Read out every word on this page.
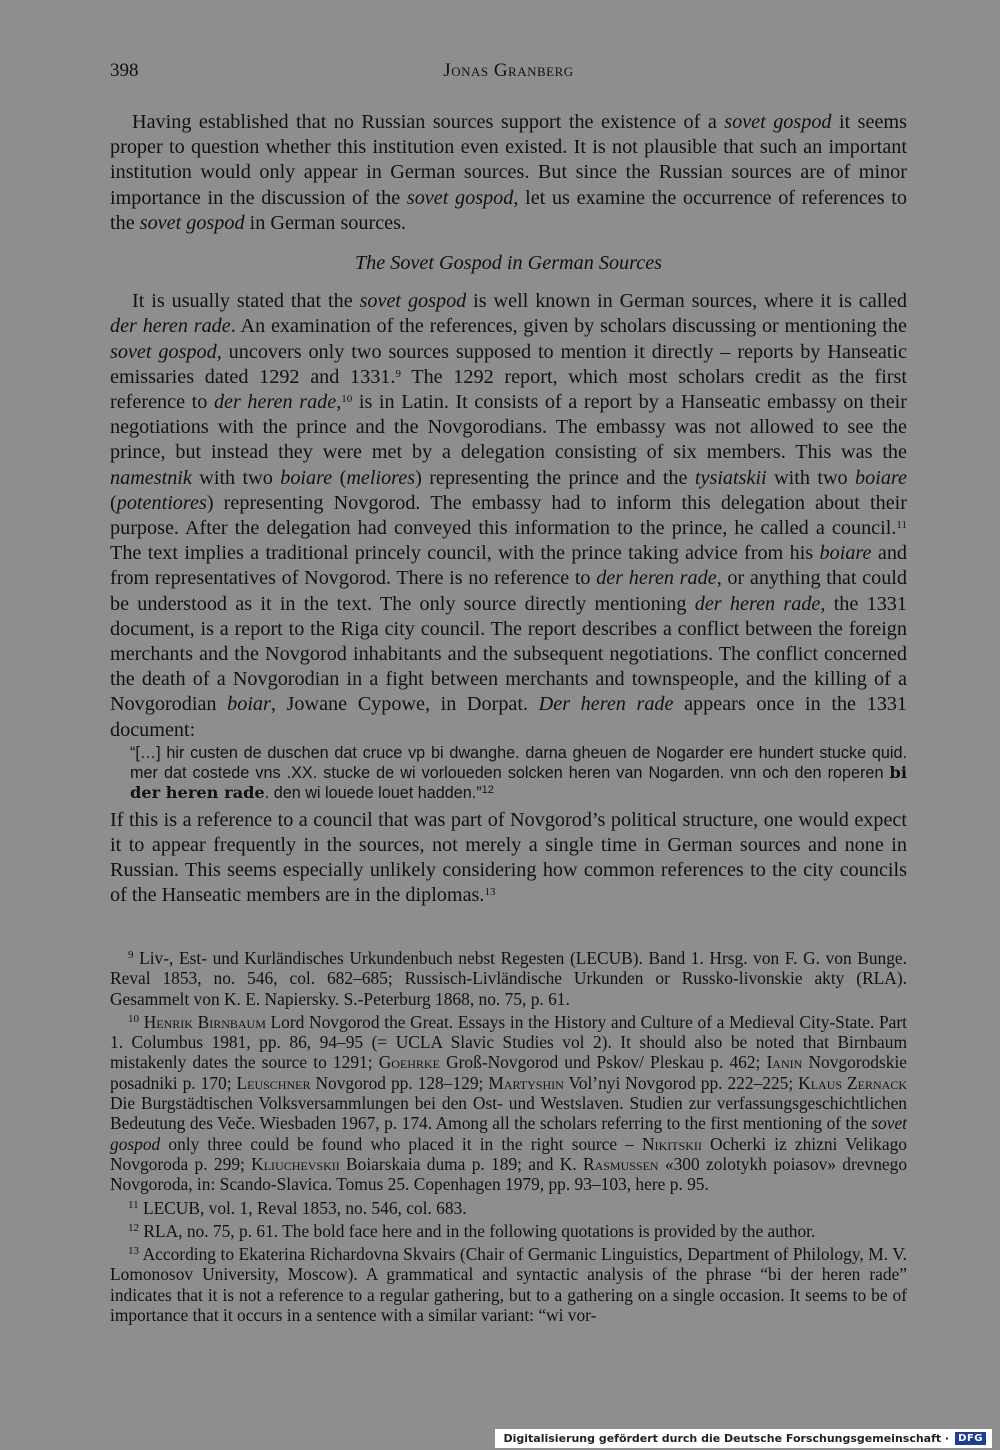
398	Jonas Granberg

Having established that no Russian sources support the existence of a sovet gospod it seems proper to question whether this institution even existed. It is not plausible that such an important institution would only appear in German sources. But since the Russian sources are of minor importance in the discussion of the sovet gospod, let us examine the occurrence of references to the sovet gospod in German sources.

The Sovet Gospod in German Sources

It is usually stated that the sovet gospod is well known in German sources, where it is called der heren rade. An examination of the references, given by scholars discussing or mentioning the sovet gospod, uncovers only two sources supposed to mention it directly – reports by Hanseatic emissaries dated 1292 and 1331.$^9$ The 1292 report, which most scholars credit as the first reference to der heren rade,$^{10}$ is in Latin. It consists of a report by a Hanseatic embassy on their negotiations with the prince and the Novgorodians. The embassy was not allowed to see the prince, but instead they were met by a delegation consisting of six members. This was the namestnik with two boiare (meliores) representing the prince and the tysiatskii with two boiare (potentiores) representing Novgorod. The embassy had to inform this delegation about their purpose. After the delegation had conveyed this information to the prince, he called a council.$^{11}$ The text implies a traditional princely council, with the prince taking advice from his boiare and from representatives of Novgorod. There is no reference to der heren rade, or anything that could be understood as it in the text. The only source directly mentioning der heren rade, the 1331 document, is a report to the Riga city council. The report describes a conflict between the foreign merchants and the Novgorod inhabitants and the subsequent negotiations. The conflict concerned the death of a Novgorodian in a fight between merchants and townspeople, and the killing of a Novgorodian boiar, Jowane Cypowe, in Dorpat. Der heren rade appears once in the 1331 document:

“[…] hir custen de duschen dat cruce vp bi dwanghe. darna gheuen de Nogarder ere hundert stucke quid. mer dat costede vns .XX. stucke de wi vorloueden solcken heren van Nogarden. vnn och den roperen bi der heren rade. den wi louede louet hadden.”$^{12}$

If this is a reference to a council that was part of Novgorod’s political structure, one would expect it to appear frequently in the sources, not merely a single time in German sources and none in Russian. This seems especially unlikely considering how common references to the city councils of the Hanseatic members are in the diplomas.$^{13}$

$^9$ Liv-, Est- und Kurländisches Urkundenbuch nebst Regesten (LECUB). Band 1. Hrsg. von F. G. von Bunge. Reval 1853, no. 546, col. 682–685; Russisch-Livländische Urkunden or Russko-livonskie akty (RLA). Gesammelt von K. E. Napiersky. S.-Peterburg 1868, no. 75, p. 61.

$^{10}$ Henrik Birnbaum Lord Novgorod the Great. Essays in the History and Culture of a Medieval City-State. Part 1. Columbus 1981, pp. 86, 94–95 (= UCLA Slavic Studies vol 2). It should also be noted that Birnbaum mistakenly dates the source to 1291; Goehrke Groß-Novgorod und Pskov/ Pleskau p. 462; Ianin Novgorodskie posadniki p. 170; Leuschner Novgorod pp. 128–129; Martyshin Vol’nyi Novgorod pp. 222–225; Klaus Zernack Die Burgstädtischen Volksversammlungen bei den Ost- und Westslaven. Studien zur verfassungsgeschichtlichen Bedeutung des Veče. Wiesbaden 1967, p. 174. Among all the scholars referring to the first mentioning of the sovet gospod only three could be found who placed it in the right source – Nikitskii Ocherki iz zhizni Velikago Novgoroda p. 299; Kliuchevskii Boiarskaia duma p. 189; and K. Rasmussen «300 zolotykh poiasov» drevnego Novgoroda, in: Scando-Slavica. Tomus 25. Copenhagen 1979, pp. 93–103, here p. 95.

$^{11}$ LECUB, vol. 1, Reval 1853, no. 546, col. 683.

$^{12}$ RLA, no. 75, p. 61. The bold face here and in the following quotations is provided by the author.

$^{13}$ According to Ekaterina Richardovna Skvairs (Chair of Germanic Linguistics, Department of Philology, M. V. Lomonosov University, Moscow). A grammatical and syntactic analysis of the phrase “bi der heren rade” indicates that it is not a reference to a regular gathering, but to a gathering on a single occasion. It seems to be of importance that it occurs in a sentence with a similar variant: “wi vor-

Digitalisierung gefördert durch die Deutsche Forschungsgemeinschaft · DFG
